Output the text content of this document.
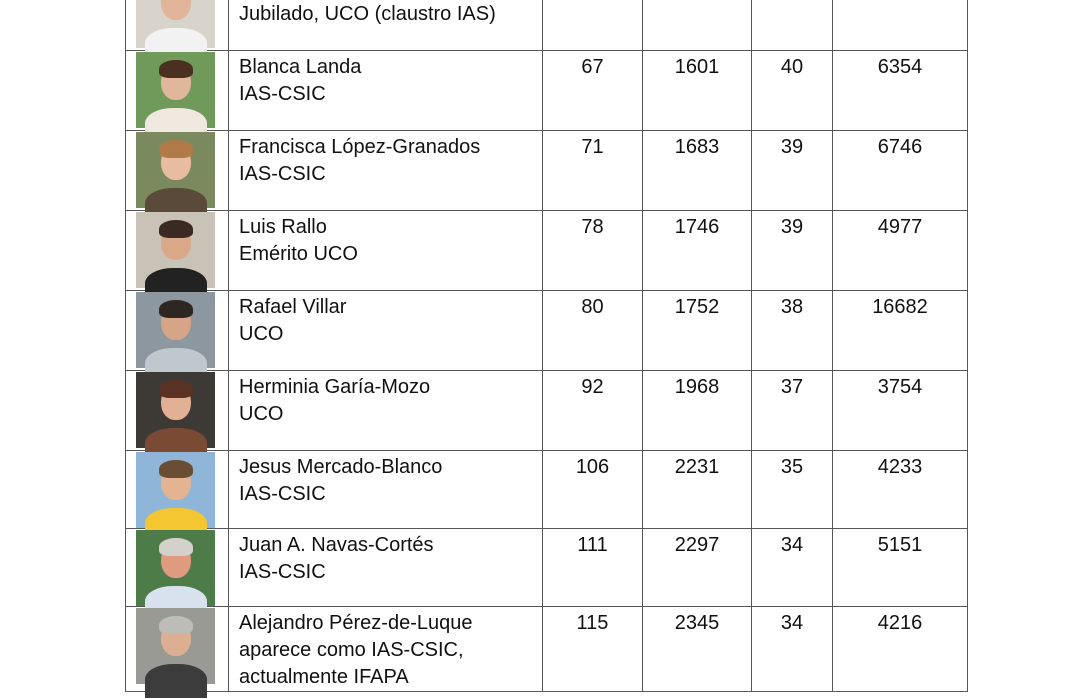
	Jubilado, UCO (claustro IAS)				

	Blanca Landa
IAS-CSIC	67	1601	40	6354

	Francisca López-Granados
IAS-CSIC	71	1683	39	6746

	Luis Rallo
Emérito UCO	78	1746	39	4977

	Rafael Villar
UCO	80	1752	38	16682

	Herminia Garía-Mozo
UCO	92	1968	37	3754

	Jesus Mercado-Blanco
IAS-CSIC	106	2231	35	4233

	Juan A. Navas-Cortés
IAS-CSIC	111	2297	34	5151

	Alejandro Pérez-de-Luque
aparece como IAS-CSIC,
actualmente IFAPA	115	2345	34	4216
